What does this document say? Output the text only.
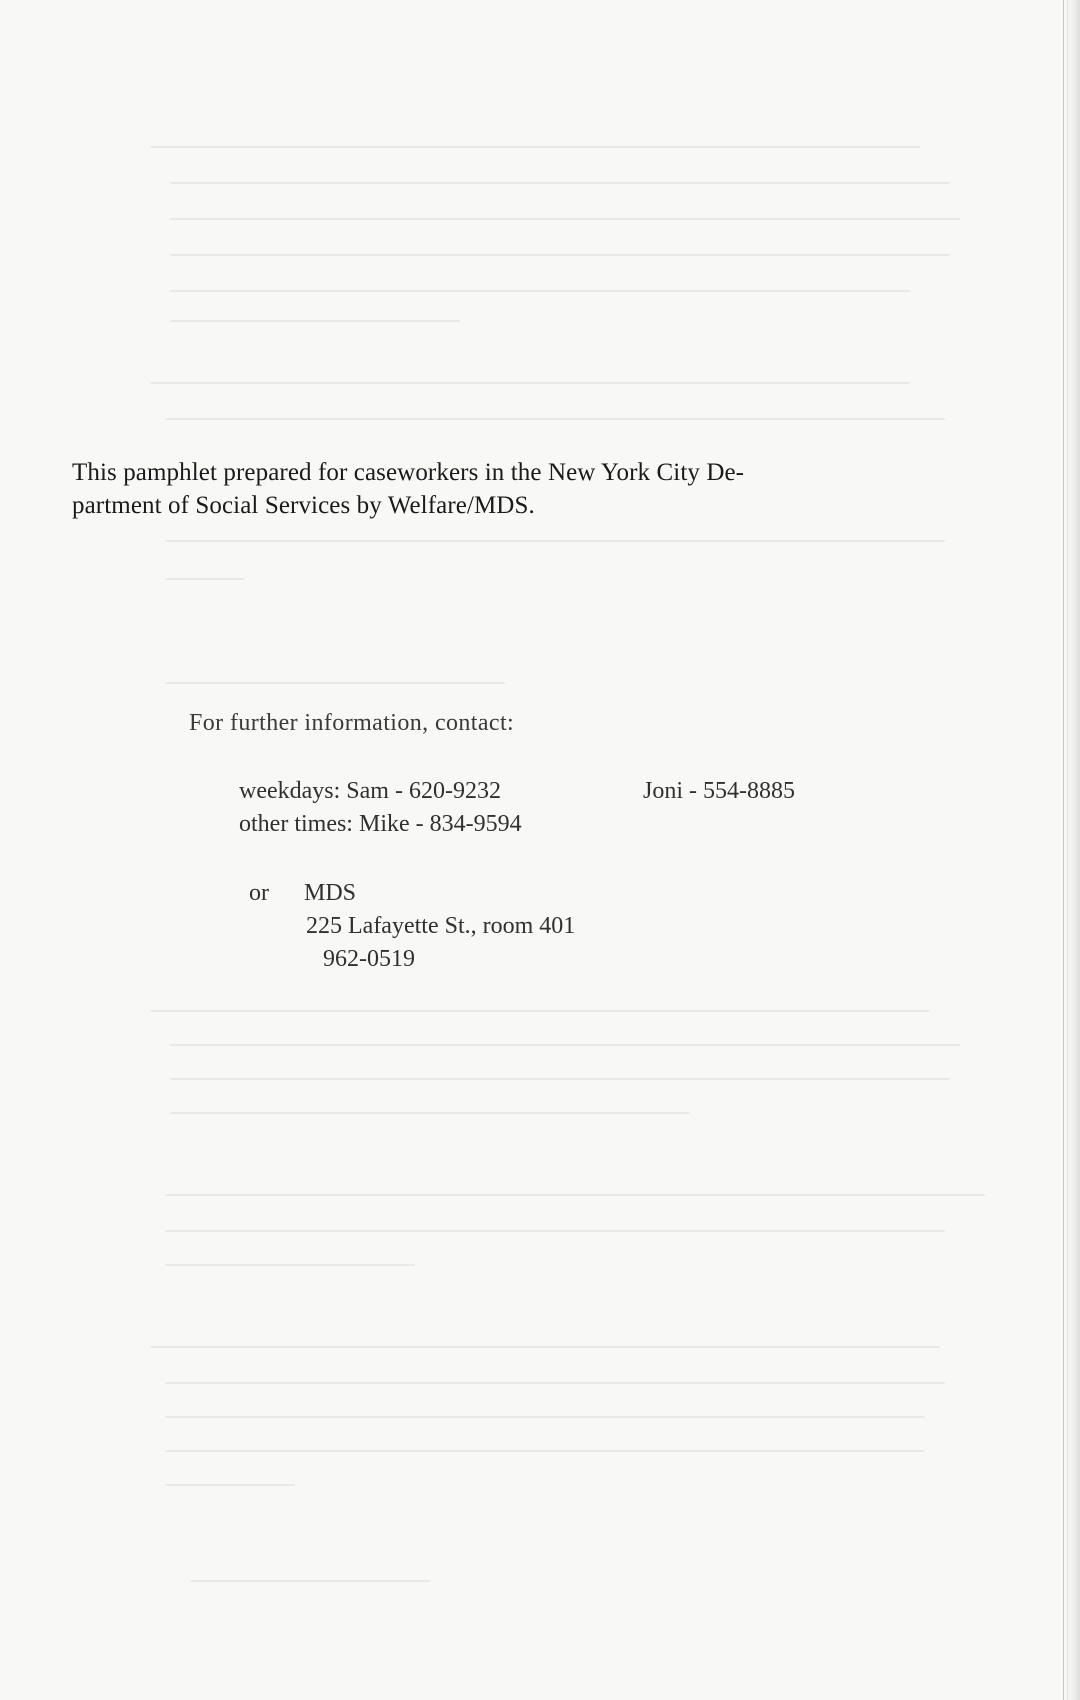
This pamphlet prepared for caseworkers in the New York City De-
partment of Social Services by Welfare/MDS.

For further information, contact:

weekdays: Sam - 620-9232	Joni - 554-8885

other times: Mike - 834-9594

or MDS

225 Lafayette St., room 401

962-0519
